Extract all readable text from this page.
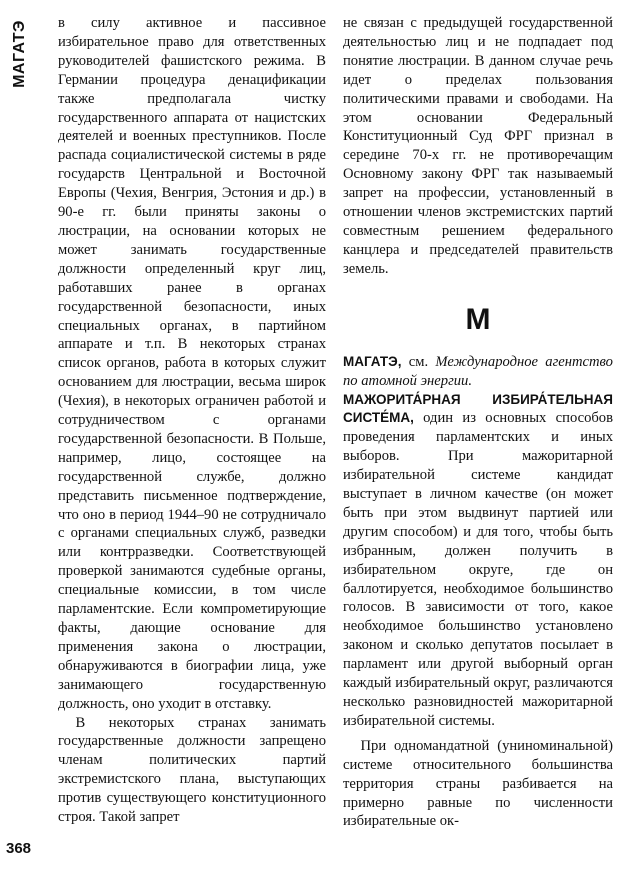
МАГАТЭ в силу активное и пассивное избирательное право для ответственных руководителей фашистского режима. В Германии процедура денацификации также предполагала чистку государственного аппарата от нацистских деятелей и военных преступников. После распада социалистической системы в ряде государств Центральной и Восточной Европы (Чехия, Венгрия, Эстония и др.) в 90-е гг. были приняты законы о люстрации, на основании которых не может занимать государственные должности определенный круг лиц, работавших ранее в органах государственной безопасности, иных специальных органах, в партийном аппарате и т.п. В некоторых странах список органов, работа в которых служит основанием для люстрации, весьма широк (Чехия), в некоторых ограничен работой и сотрудничеством с органами государственной безопасности. В Польше, например, лицо, состоящее на государственной службе, должно представить письменное подтверждение, что оно в период 1944–90 не сотрудничало с органами специальных служб, разведки или контрразведки. Соответствующей проверкой занимаются судебные органы, специальные комиссии, в том числе парламентские. Если компрометирующие факты, дающие основание для применения закона о люстрации, обнаруживаются в биографии лица, уже занимающего государственную должность, оно уходит в отставку.

В некоторых странах занимать государственные должности запрещено членам политических партий экстремистского плана, выступающих против существующего конституционного строя. Такой запрет

не связан с предыдущей государственной деятельностью лиц и не подпадает под понятие люстрации. В данном случае речь идет о пределах пользования политическими правами и свободами. На этом основании Федеральный Конституционный Суд ФРГ признал в середине 70-х гг. не противоречащим Основному закону ФРГ так называемый запрет на профессии, установленный в отношении членов экстремистских партий совместным решением федерального канцлера и председателей правительств земель.

М

МАГАТЭ, см. Международное агентство по атомной энергии.

МАЖОРИТА́РНАЯ ИЗБИРА́ТЕЛЬНАЯ СИСТЕ́МА, один из основных способов проведения парламентских и иных выборов. При мажоритарной избирательной системе кандидат выступает в личном качестве (он может быть при этом выдвинут партией или другим способом) и для того, чтобы быть избранным, должен получить в избирательном округе, где он баллотируется, необходимое большинство голосов. В зависимости от того, какое необходимое большинство установлено законом и сколько депутатов посылает в парламент или другой выборный орган каждый избирательный округ, различаются несколько разновидностей мажоритарной избирательной системы.

При одномандатной (униноминальной) системе относительного большинства территория страны разбивается на примерно равные по численности избирательные ок-

368
